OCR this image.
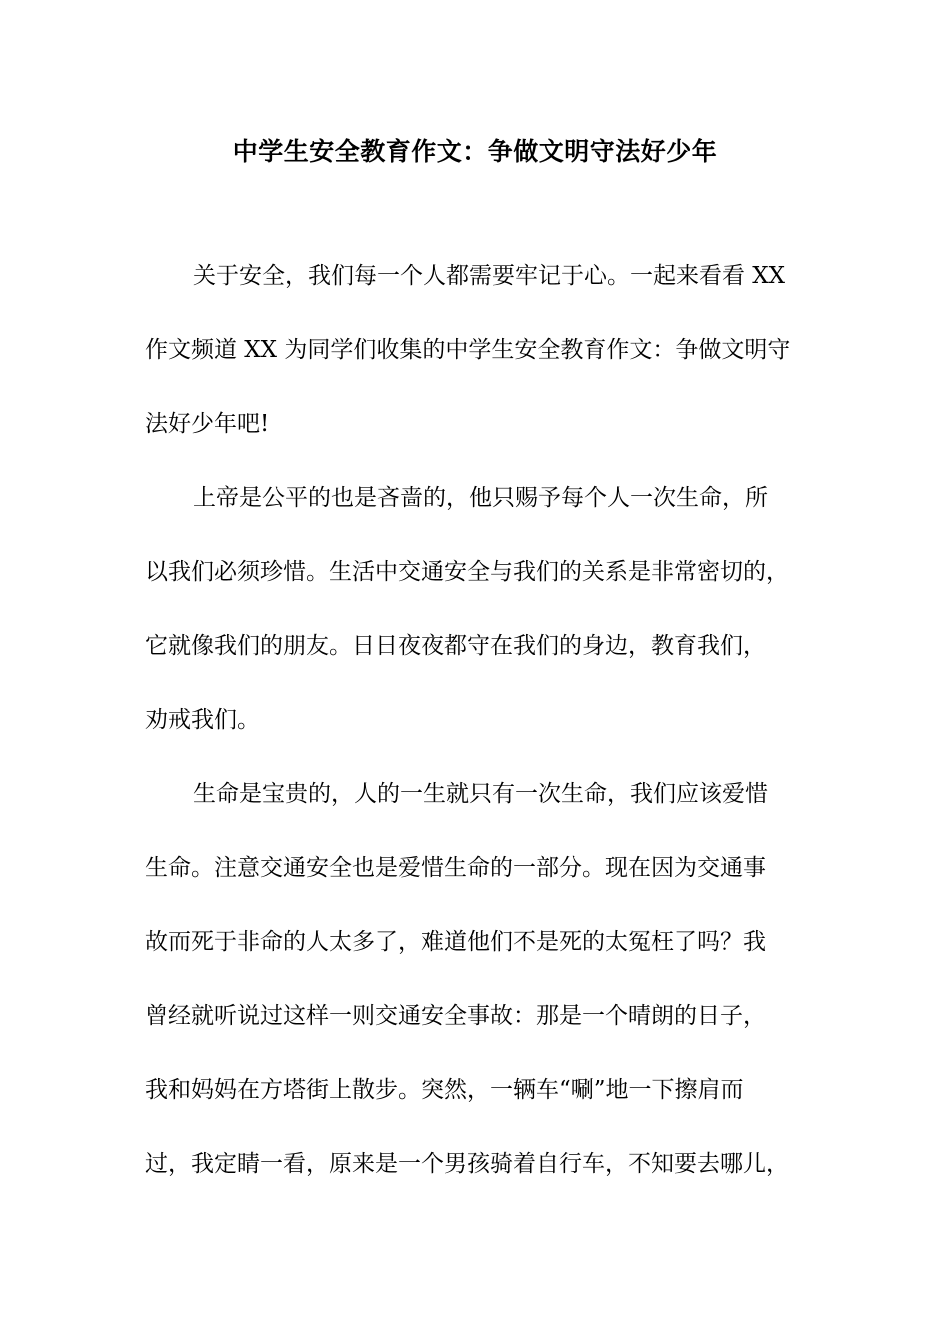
中学生安全教育作文：争做文明守法好少年

关于安全，我们每一个人都需要牢记于心。一起来看看 XX

作文频道 XX 为同学们收集的中学生安全教育作文：争做文明守

法好少年吧!

上帝是公平的也是吝啬的，他只赐予每个人一次生命，所

以我们必须珍惜。生活中交通安全与我们的关系是非常密切的，

它就像我们的朋友。日日夜夜都守在我们的身边，教育我们，

劝戒我们。

生命是宝贵的，人的一生就只有一次生命，我们应该爱惜

生命。注意交通安全也是爱惜生命的一部分。现在因为交通事

故而死于非命的人太多了，难道他们不是死的太冤枉了吗？我

曾经就听说过这样一则交通安全事故：那是一个晴朗的日子，

我和妈妈在方塔街上散步。突然，一辆车“唰”地一下擦肩而

过，我定睛一看，原来是一个男孩骑着自行车，不知要去哪儿，
